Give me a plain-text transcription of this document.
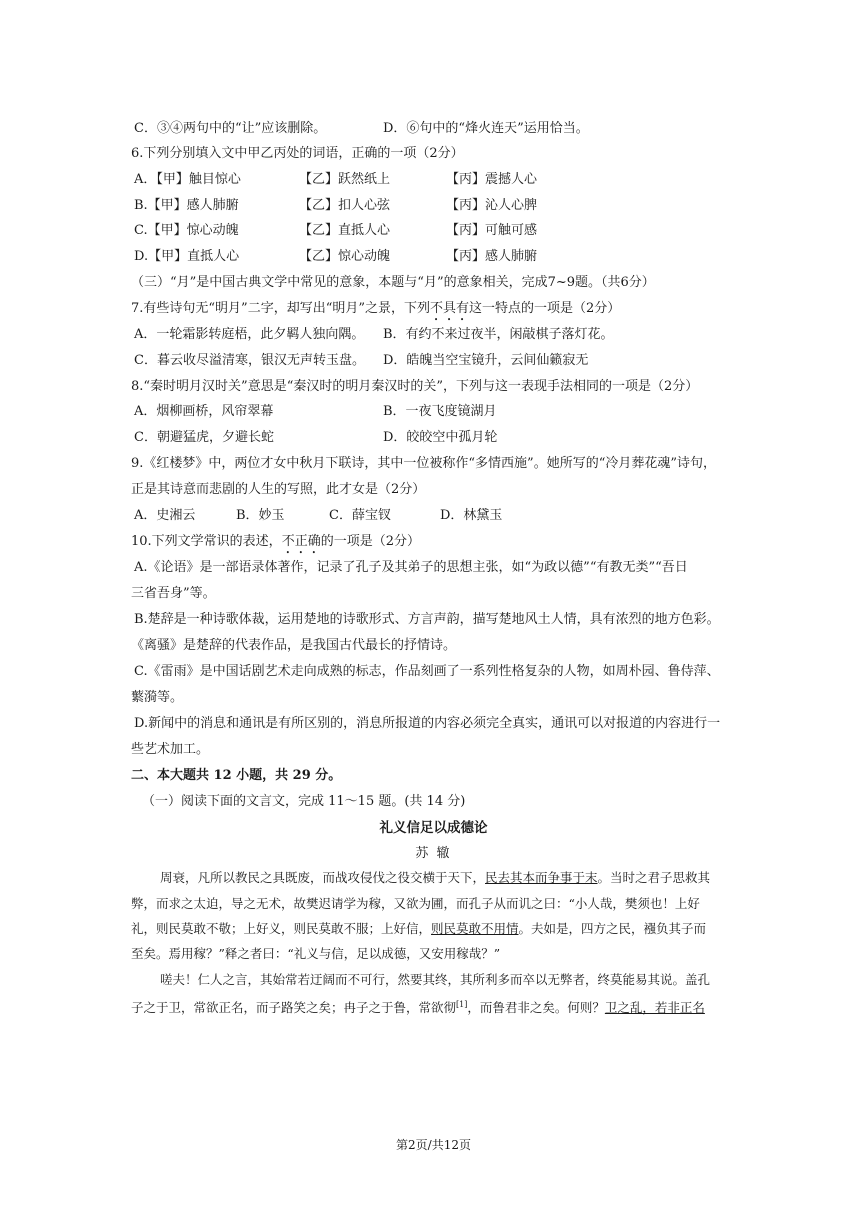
C．③④两句中的“让”应该删除。	D．⑥句中的“烽火连天”运用恰当。
6.下列分别填入文中甲乙丙处的词语，正确的一项（2分）
A．【甲】触目惊心	【乙】跃然纸上	【丙】震撼人心
B.【甲】感人肺腑	【乙】扣人心弦	【丙】沁人心脾
C.【甲】惊心动魄	【乙】直抵人心	【丙】可触可感
D.【甲】直抵人心	【乙】惊心动魄	【丙】感人肺腑
（三）“月”是中国古典文学中常见的意象，本题与“月”的意象相关，完成7~9题。（共6分）
7.有些诗句无“明月”二字，却写出“明月”之景，下列不具有这一特点的一项是（2分）
A．一轮霜影转庭梧，此夕羁人独向隅。 B．有约不来过夜半，闲敲棋子落灯花。
C．暮云收尽溢清寒，银汉无声转玉盘。 D．皓魄当空宝镜升，云间仙籁寂无
8.“秦时明月汉时关”意思是“秦汉时的明月秦汉时的关”，下列与这一表现手法相同的一项是（2分）
A．烟柳画桥，风帘翠幕	B．一夜飞度镜湖月
C．朝避猛虎，夕避长蛇	D．皎皎空中孤月轮
9.《红楼梦》中，两位才女中秋月下联诗，其中一位被称作“多情西施”。她所写的“冷月葬花魂”诗句，
正是其诗意而悲剧的人生的写照，此才女是（2分）
A．史湘云	B．妙玉	C．薛宝钗	D．林黛玉
10.下列文学常识的表述，不正确的一项是（2分）
A.《论语》是一部语录体著作，记录了孔子及其弟子的思想主张，如“为政以德”“有教无类”“吾日
三省吾身”等。
B.楚辞是一种诗歌体裁，运用楚地的诗歌形式、方言声韵，描写楚地风土人情，具有浓烈的地方色彩。
《离骚》是楚辞的代表作品，是我国古代最长的抒情诗。
C.《雷雨》是中国话剧艺术走向成熟的标志，作品刻画了一系列性格复杂的人物，如周朴园、鲁侍萍、
蘩漪等。
D.新闻中的消息和通讯是有所区别的，消息所报道的内容必须完全真实，通讯可以对报道的内容进行一
些艺术加工。
二、本大题共 12 小题，共 29 分。
（一）阅读下面的文言文，完成 11～15 题。(共 14 分)
礼义信足以成德论
苏 辙
周衰，凡所以教民之具既废，而战攻侵伐之役交横于天下，民去其本而争事于末。当时之君子思救其
弊，而求之太迫，导之无术，故樊迟请学为稼，又欲为圃，而孔子从而讥之曰：“小人哉，樊须也！上好
礼，则民莫敢不敬；上好义，则民莫敢不服；上好信，则民莫敢不用情。夫如是，四方之民，襁负其子而
至矣。焉用稼？”释之者曰：“礼义与信，足以成德，又安用稼哉？”
嗟夫！仁人之言，其始常若迂阔而不可行，然要其终，其所利多而卒以无弊者，终莫能易其说。盖孔
子之于卫，常欲正名，而子路笑之矣；冉子之于鲁，常欲彻[1]，而鲁君非之矣。何则？卫之乱，若非正名
第2页/共12页
